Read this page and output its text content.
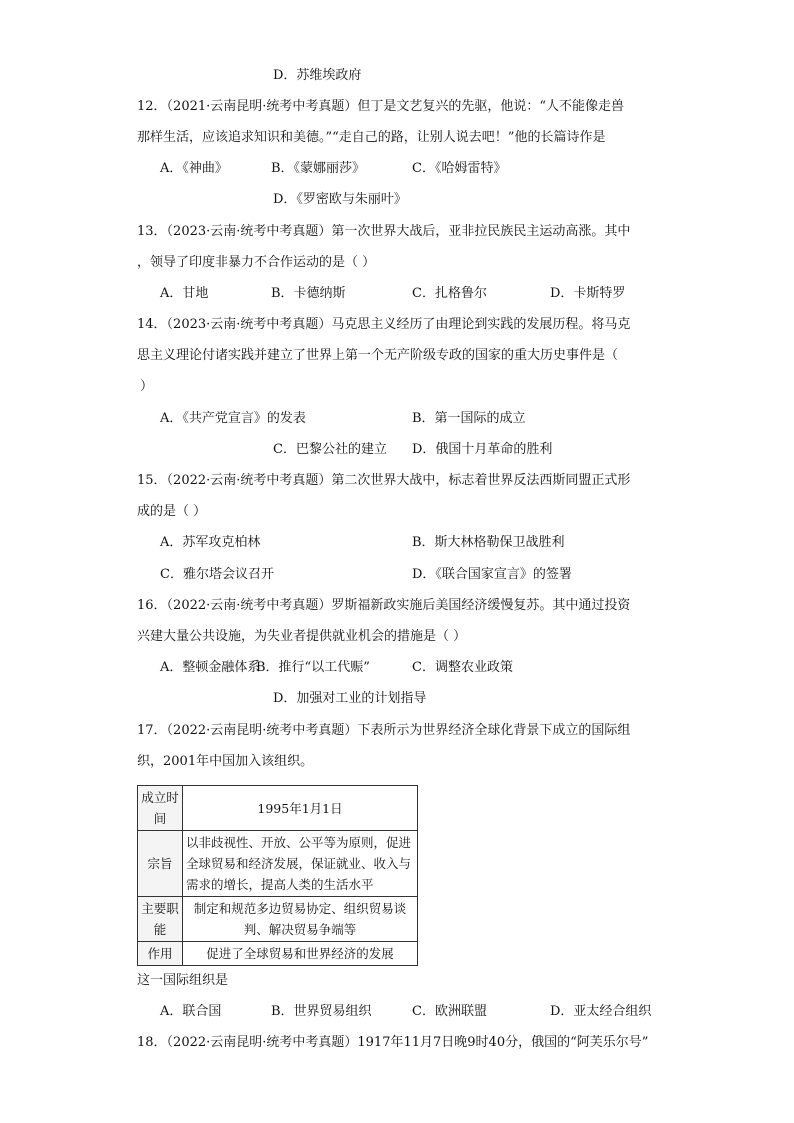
D．苏维埃政府
12．（2021·云南昆明·统考中考真题）但丁是文艺复兴的先驱，他说：“人不能像走兽
那样生活，应该追求知识和美德。”“走自己的路，让别人说去吧！”他的长篇诗作是
A．《神曲》	B．《蒙娜丽莎》	C．《哈姆雷特》
D．《罗密欧与朱丽叶》
13．（2023·云南·统考中考真题）第一次世界大战后，亚非拉民族民主运动高涨。其中
，领导了印度非暴力不合作运动的是（ ）
A．甘地	B．卡德纳斯	C．扎格鲁尔	D．卡斯特罗
14．（2023·云南·统考中考真题）马克思主义经历了由理论到实践的发展历程。将马克
思主义理论付诸实践并建立了世界上第一个无产阶级专政的国家的重大历史事件是（
）
A．《共产党宣言》的发表	B．第一国际的成立
C．巴黎公社的建立 D．俄国十月革命的胜利
15．（2022·云南·统考中考真题）第二次世界大战中，标志着世界反法西斯同盟正式形
成的是（ ）
A．苏军攻克柏林	B．斯大林格勒保卫战胜利
C．雅尔塔会议召开	D．《联合国家宣言》的签署
16．（2022·云南·统考中考真题）罗斯福新政实施后美国经济缓慢复苏。其中通过投资
兴建大量公共设施，为失业者提供就业机会的措施是（ ）
A．整顿金融体系
B．推行“以工代赈”	C．调整农业政策
D．加强对工业的计划指导
17．（2022·云南昆明·统考中考真题）下表所示为世界经济全球化背景下成立的国际组
织，2001年中国加入该组织。
成立时间	1995年1月1日
宗旨	以非歧视性、开放、公平等为原则，促进全球贸易和经济发展，保证就业、收入与需求的增长，提高人类的生活水平
主要职能	制定和规范多边贸易协定、组织贸易谈判、解决贸易争端等
作用	促进了全球贸易和世界经济的发展
这一国际组织是
A．联合国	B．世界贸易组织	C．欧洲联盟	D．亚太经合组织
18．（2022·云南昆明·统考中考真题）1917年11月7日晚9时40分，俄国的“阿芙乐尔号”
